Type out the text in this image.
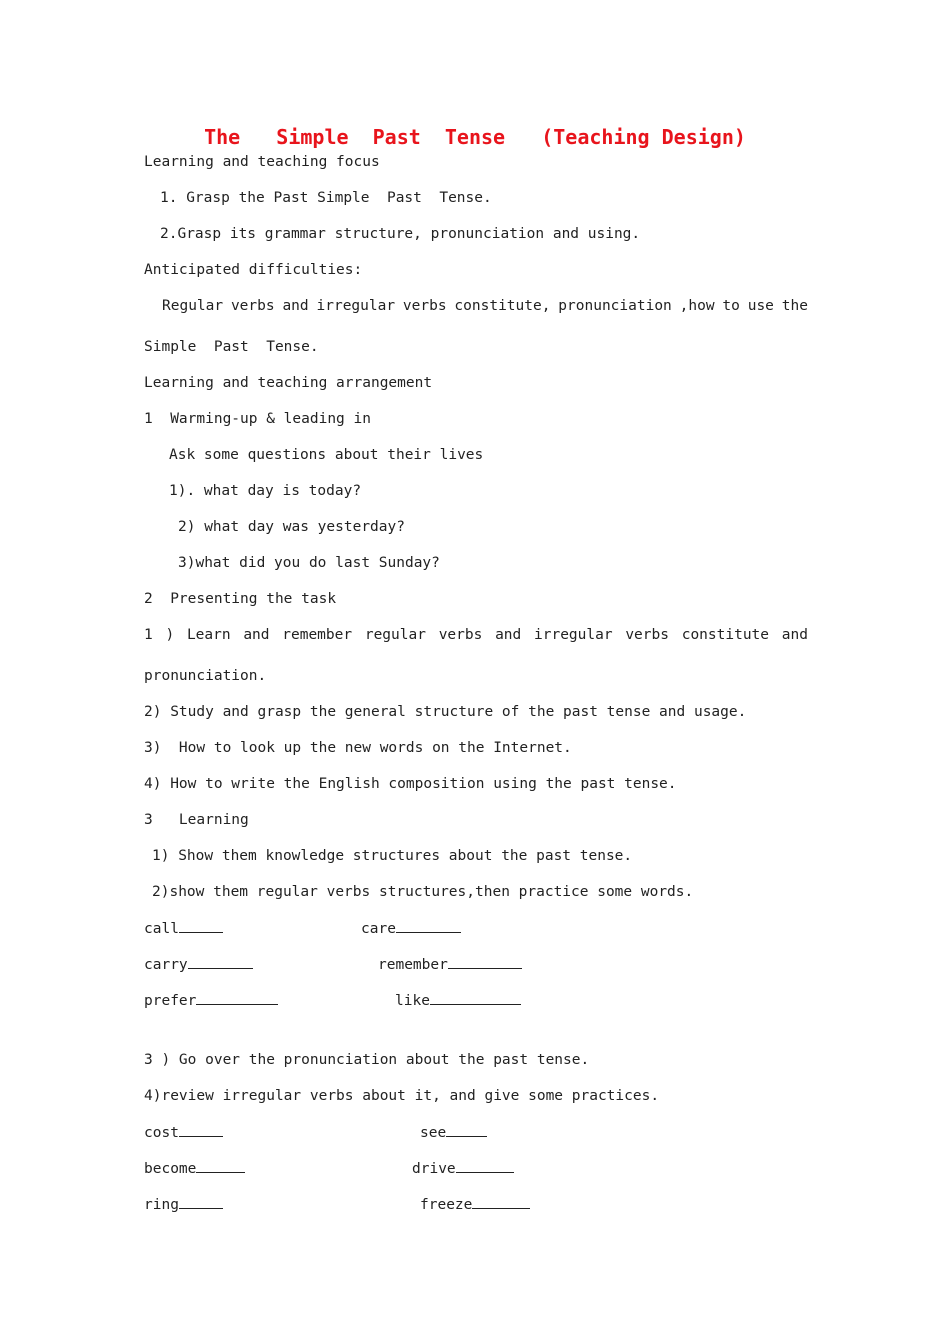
The   Simple  Past  Tense   (Teaching Design)
Learning and teaching focus
1. Grasp the Past Simple  Past  Tense.
2.Grasp its grammar structure, pronunciation and using.
Anticipated difficulties:
Regular verbs and irregular verbs constitute, pronunciation ,how to use the
Simple  Past  Tense.
Learning and teaching arrangement
1  Warming-up & leading in
Ask some questions about their lives
1). what day is today?
2) what day was yesterday?
3)what did you do last Sunday?
2  Presenting the task
1 ) Learn and remember regular verbs and irregular verbs constitute and
pronunciation.
2) Study and grasp the general structure of the past tense and usage.
3)  How to look up the new words on the Internet.
4) How to write the English composition using the past tense.
3   Learning
1) Show them knowledge structures about the past tense.
2)show them regular verbs structures,then practice some words.
call	care
carry	remember
prefer	like
3 ) Go over the pronunciation about the past tense.
4)review irregular verbs about it, and give some practices.
cost	see
become	drive
ring	freeze
